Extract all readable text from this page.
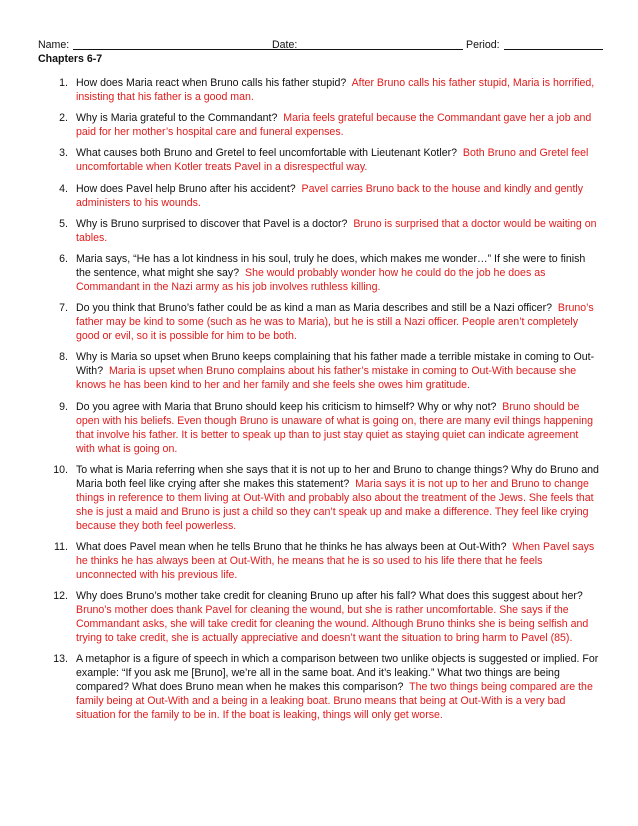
Name:	Date:	Period:
Chapters 6-7
1. How does Maria react when Bruno calls his father stupid? After Bruno calls his father stupid, Maria is horrified, insisting that his father is a good man.
2. Why is Maria grateful to the Commandant? Maria feels grateful because the Commandant gave her a job and paid for her mother’s hospital care and funeral expenses.
3. What causes both Bruno and Gretel to feel uncomfortable with Lieutenant Kotler? Both Bruno and Gretel feel uncomfortable when Kotler treats Pavel in a disrespectful way.
4. How does Pavel help Bruno after his accident? Pavel carries Bruno back to the house and kindly and gently administers to his wounds.
5. Why is Bruno surprised to discover that Pavel is a doctor? Bruno is surprised that a doctor would be waiting on tables.
6. Maria says, “He has a lot kindness in his soul, truly he does, which makes me wonder…” If she were to finish the sentence, what might she say? She would probably wonder how he could do the job he does as Commandant in the Nazi army as his job involves ruthless killing.
7. Do you think that Bruno’s father could be as kind a man as Maria describes and still be a Nazi officer? Bruno’s father may be kind to some (such as he was to Maria), but he is still a Nazi officer. People aren’t completely good or evil, so it is possible for him to be both.
8. Why is Maria so upset when Bruno keeps complaining that his father made a terrible mistake in coming to Out-With? Maria is upset when Bruno complains about his father’s mistake in coming to Out-With because she knows he has been kind to her and her family and she feels she owes him gratitude.
9. Do you agree with Maria that Bruno should keep his criticism to himself? Why or why not? Bruno should be open with his beliefs. Even though Bruno is unaware of what is going on, there are many evil things happening that involve his father. It is better to speak up than to just stay quiet as staying quiet can indicate agreement with what is going on.
10. To what is Maria referring when she says that it is not up to her and Bruno to change things? Why do Bruno and Maria both feel like crying after she makes this statement? Maria says it is not up to her and Bruno to change things in reference to them living at Out-With and probably also about the treatment of the Jews. She feels that she is just a maid and Bruno is just a child so they can’t speak up and make a difference. They feel like crying because they both feel powerless.
11. What does Pavel mean when he tells Bruno that he thinks he has always been at Out-With? When Pavel says he thinks he has always been at Out-With, he means that he is so used to his life there that he feels unconnected with his previous life.
12. Why does Bruno’s mother take credit for cleaning Bruno up after his fall? What does this suggest about her?  Bruno’s mother does thank Pavel for cleaning the wound, but she is rather uncomfortable. She says if the Commandant asks, she will take credit for cleaning the wound. Although Bruno thinks she is being selfish and trying to take credit, she is actually appreciative and doesn’t want the situation to bring harm to Pavel (85).
13. A metaphor is a figure of speech in which a comparison between two unlike objects is suggested or implied. For example: “If you ask me [Bruno], we’re all in the same boat. And it’s leaking.” What two things are being compared? What does Bruno mean when he makes this comparison? The two things being compared are the family being at Out-With and a being in a leaking boat. Bruno means that being at Out-With is a very bad situation for the family to be in. If the boat is leaking, things will only get worse.
